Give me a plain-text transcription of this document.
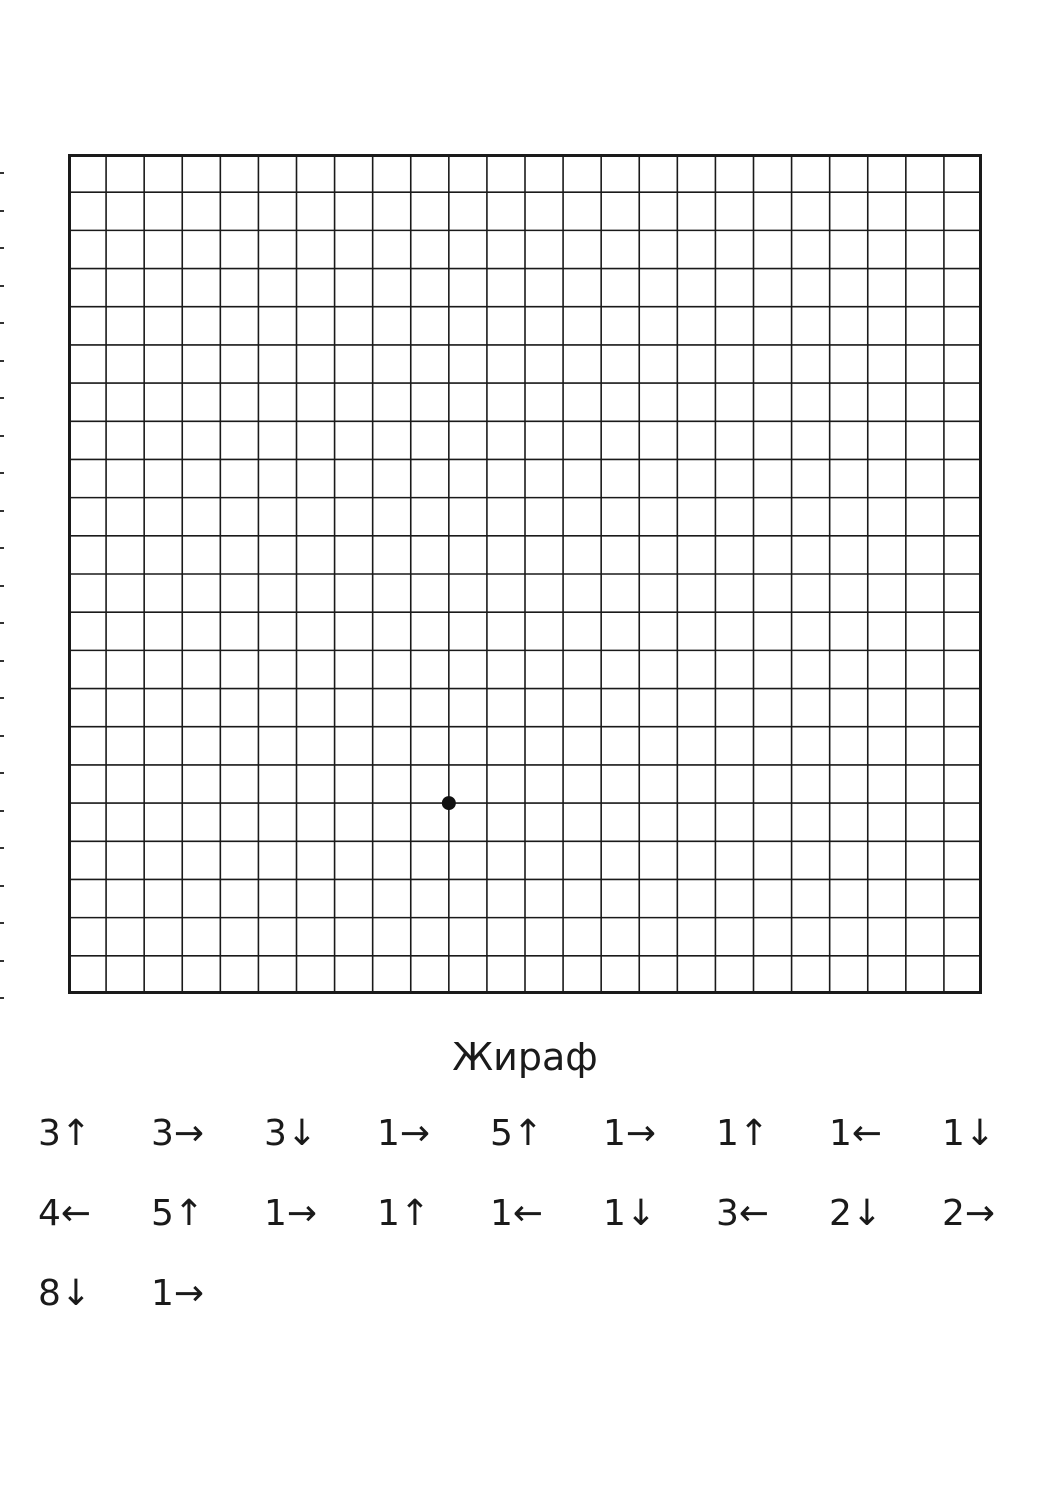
Жираф
3↑ 3→ 3↓ 1→ 5↑ 1→ 1↑ 1← 1↓
4← 5↑ 1→ 1↑ 1← 1↓ 3← 2↓ 2→
8↓ 1→
